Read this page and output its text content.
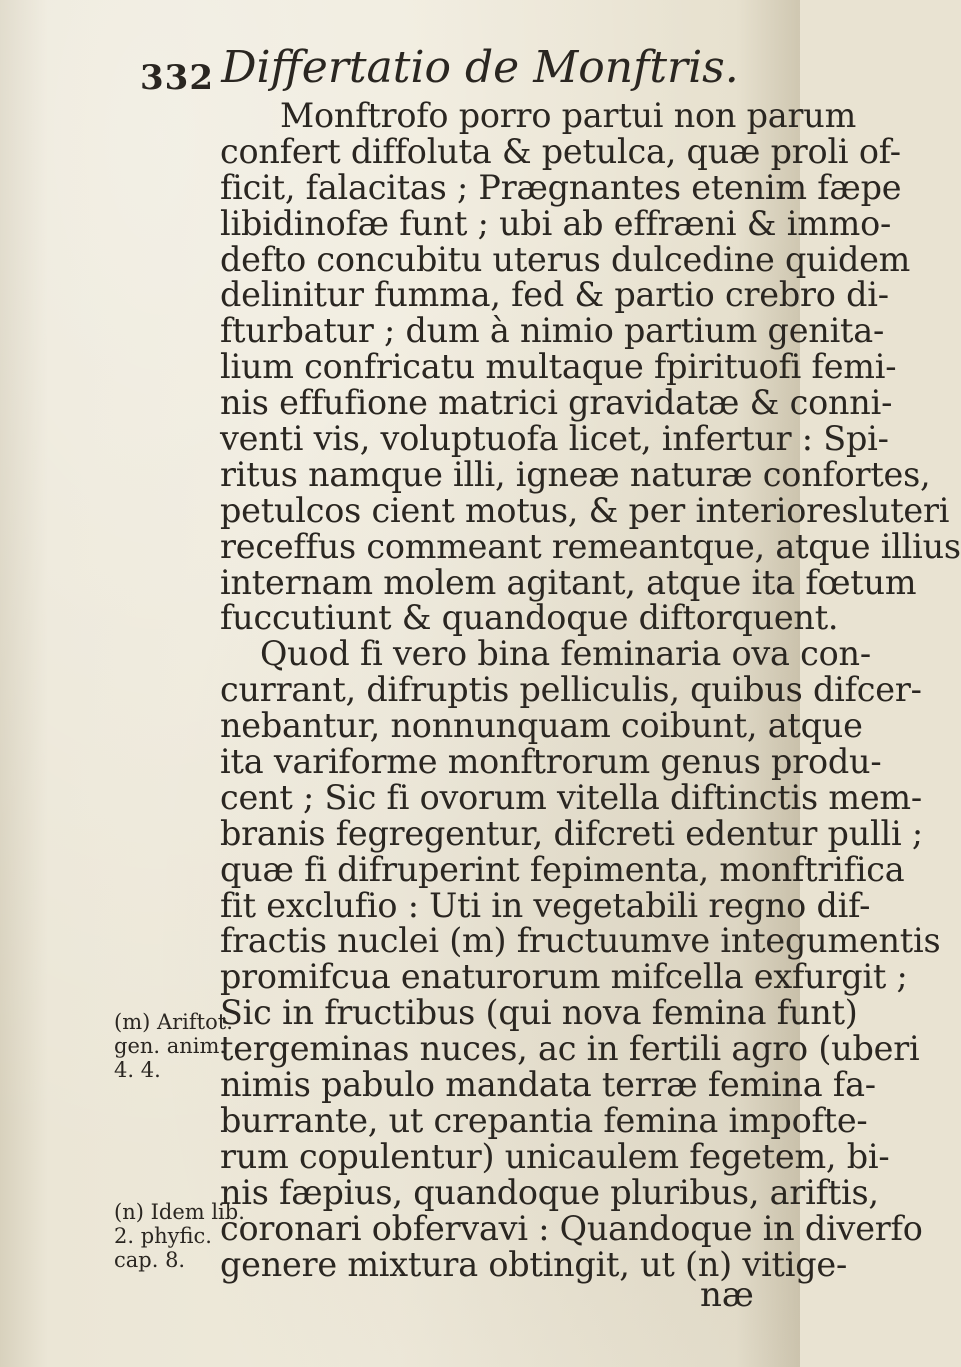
332 Differtatio de Monftris.
Monftrofo porro partui non parum
confert diffoluta & petulca, quæ proli of-
ficit, falacitas ; Prægnantes etenim fæpe
libidinofæ funt ; ubi ab effræni & immo-
defto concubitu uterus dulcedine quidem
delinitur fumma, fed & partio crebro di-
fturbatur ; dum à nimio partium genita-
lium confricatu multaque fpirituofi femi-
nis effufione matrici gravidatæ & conni-
venti vis, voluptuofa licet, infertur : Spi-
ritus namque illi, igneæ naturæ confortes,
petulcos cient motus, & per interioresluteri
receffus commeant remeantque, atque illius
internam molem agitant, atque ita fœtum
fuccutiunt & quandoque diftorquent.
Quod fi vero bina feminaria ova con-
currant, difruptis pelliculis, quibus difcer-
nebantur, nonnunquam coibunt, atque
ita variforme monftrorum genus produ-
cent ; Sic fi ovorum vitella diftinctis mem-
branis fegregentur, difcreti edentur pulli ;
quæ fi difruperint fepimenta, monftrifica
fit exclufio : Uti in vegetabili regno dif-
fractis nuclei (m) fructuumve integumentis
promifcua enaturorum mifcella exfurgit ;
Sic in fructibus (qui nova femina funt)
tergeminas nuces, ac in fertili agro (uberi
nimis pabulo mandata terræ femina fa-
burrante, ut crepantia femina impofte-
rum copulentur) unicaulem fegetem, bi-
nis fæpius, quandoque pluribus, ariftis,
coronari obfervavi : Quandoque in diverfo
genere mixtura obtingit, ut (n) vitige-
(m) Ariftot.
gen. anim.
4. 4.
(n) Idem lib.
2. phyfic.
cap. 8.
næ
